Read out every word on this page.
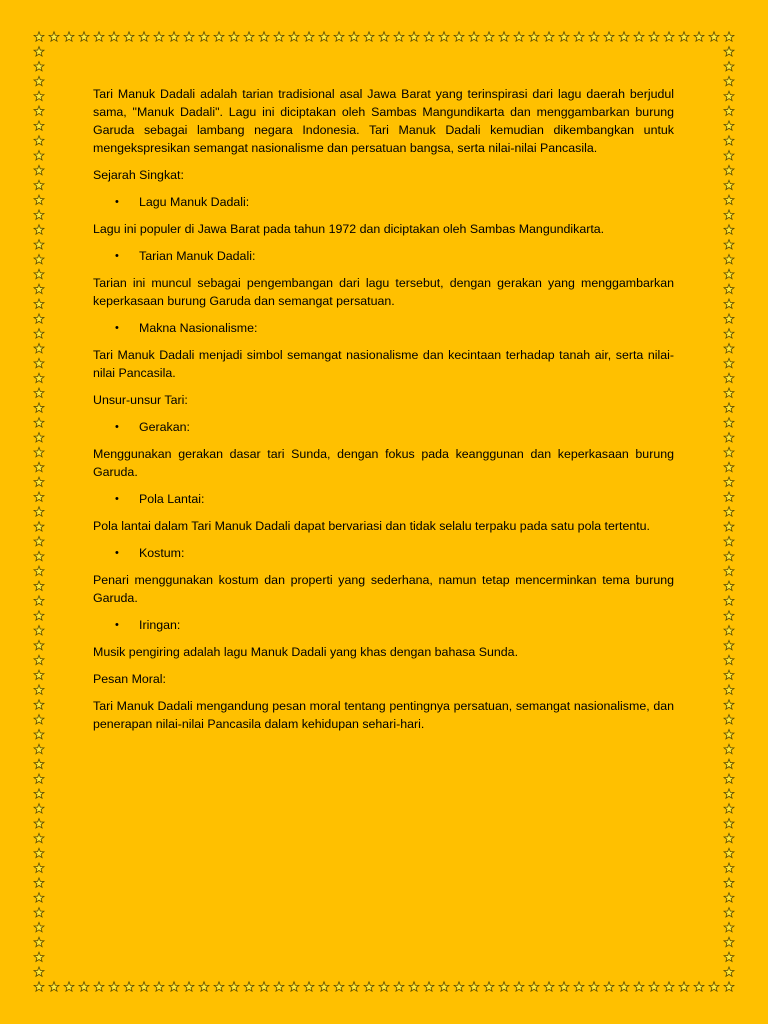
Tari Manuk Dadali adalah tarian tradisional asal Jawa Barat yang terinspirasi dari lagu daerah berjudul sama, "Manuk Dadali". Lagu ini diciptakan oleh Sambas Mangundikarta dan menggambarkan burung Garuda sebagai lambang negara Indonesia. Tari Manuk Dadali kemudian dikembangkan untuk mengekspresikan semangat nasionalisme dan persatuan bangsa, serta nilai-nilai Pancasila.

Sejarah Singkat:

• Lagu Manuk Dadali:

Lagu ini populer di Jawa Barat pada tahun 1972 dan diciptakan oleh Sambas Mangundikarta.

• Tarian Manuk Dadali:

Tarian ini muncul sebagai pengembangan dari lagu tersebut, dengan gerakan yang menggambarkan keperkasaan burung Garuda dan semangat persatuan.

• Makna Nasionalisme:

Tari Manuk Dadali menjadi simbol semangat nasionalisme dan kecintaan terhadap tanah air, serta nilai-nilai Pancasila.

Unsur-unsur Tari:

• Gerakan:

Menggunakan gerakan dasar tari Sunda, dengan fokus pada keanggunan dan keperkasaan burung Garuda.

• Pola Lantai:

Pola lantai dalam Tari Manuk Dadali dapat bervariasi dan tidak selalu terpaku pada satu pola tertentu.

• Kostum:

Penari menggunakan kostum dan properti yang sederhana, namun tetap mencerminkan tema burung Garuda.

• Iringan:

Musik pengiring adalah lagu Manuk Dadali yang khas dengan bahasa Sunda.

Pesan Moral:

Tari Manuk Dadali mengandung pesan moral tentang pentingnya persatuan, semangat nasionalisme, dan penerapan nilai-nilai Pancasila dalam kehidupan sehari-hari.
